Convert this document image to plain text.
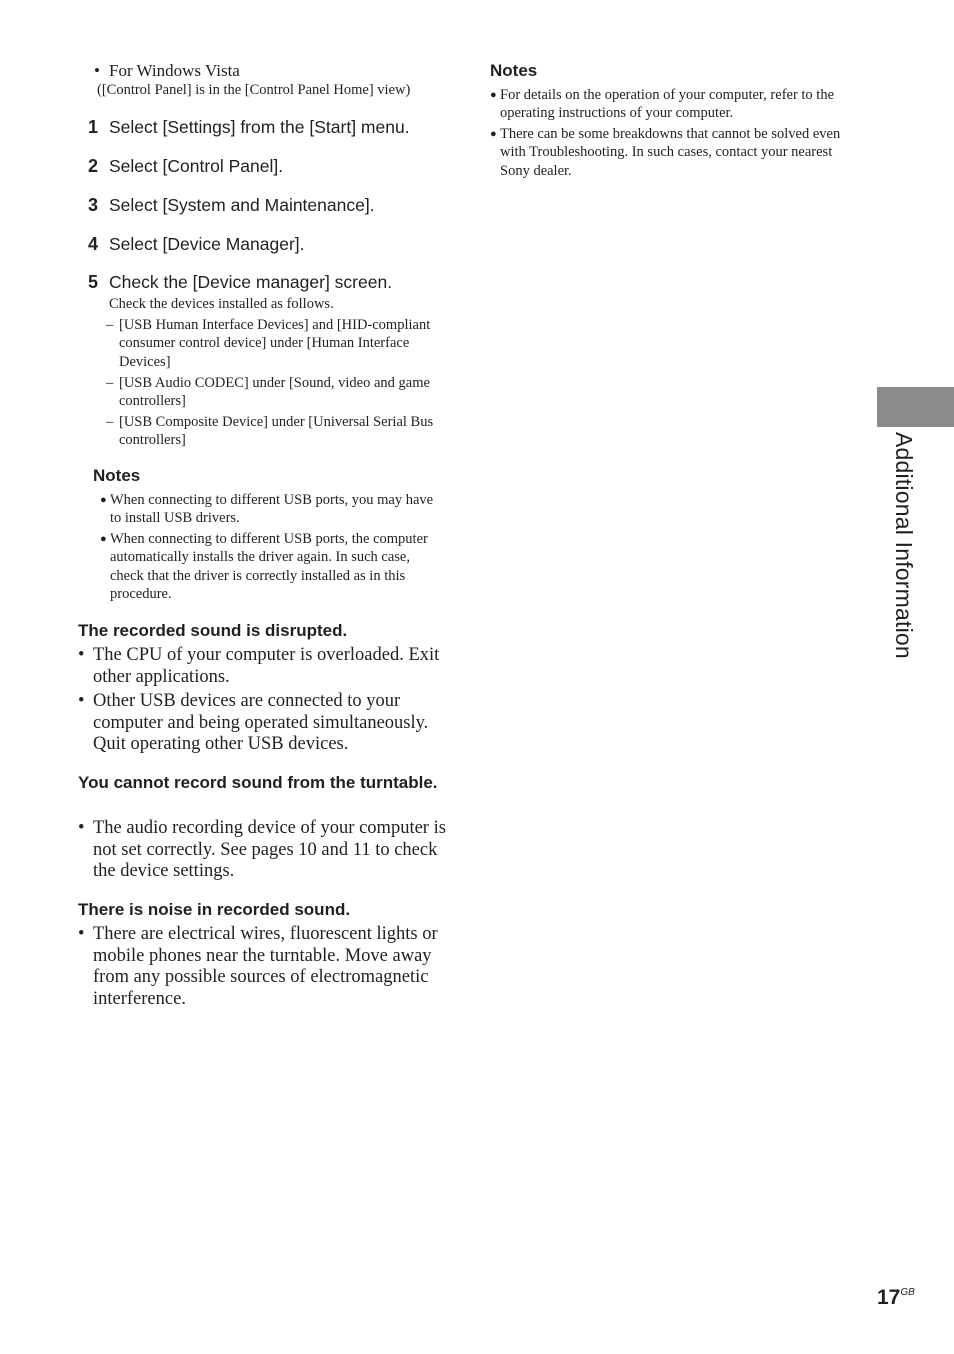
• For Windows Vista
([Control Panel] is in the [Control Panel Home] view)
1 Select [Settings] from the [Start] menu.
2 Select [Control Panel].
3 Select [System and Maintenance].
4 Select [Device Manager].
5 Check the [Device manager] screen.
Check the devices installed as follows.
– [USB Human Interface Devices] and [HID-compliant consumer control device] under [Human Interface Devices]
– [USB Audio CODEC] under [Sound, video and game controllers]
– [USB Composite Device] under [Universal Serial Bus controllers]
Notes
● When connecting to different USB ports, you may have to install USB drivers.
● When connecting to different USB ports, the computer automatically installs the driver again. In such case, check that the driver is correctly installed as in this procedure.
The recorded sound is disrupted.
• The CPU of your computer is overloaded. Exit other applications.
• Other USB devices are connected to your computer and being operated simultaneously. Quit operating other USB devices.
You cannot record sound from the turntable.
• The audio recording device of your computer is not set correctly. See pages 10 and 11 to check the device settings.
There is noise in recorded sound.
• There are electrical wires, fluorescent lights or mobile phones near the turntable. Move away from any possible sources of electromagnetic interference.
Notes
● For details on the operation of your computer, refer to the operating instructions of your computer.
● There can be some breakdowns that cannot be solved even with Troubleshooting. In such cases, contact your nearest Sony dealer.
Additional Information
$17^{GB}$
